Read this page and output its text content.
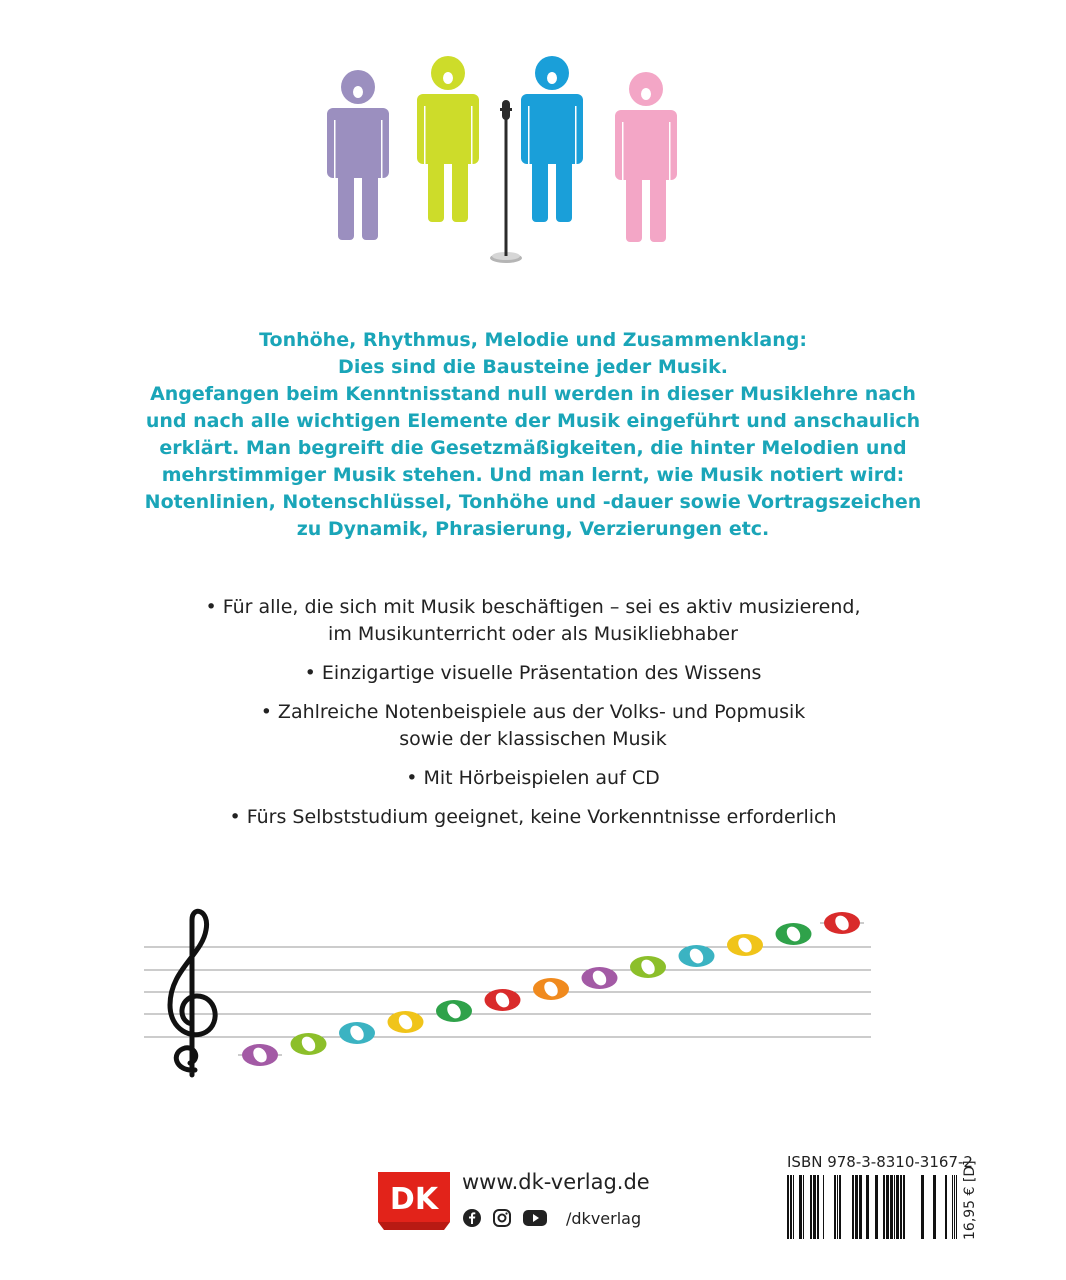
Tonhöhe, Rhythmus, Melodie und Zusammenklang:
Dies sind die Bausteine jeder Musik.
Angefangen beim Kenntnisstand null werden in dieser Musiklehre nach
und nach alle wichtigen Elemente der Musik eingeführt und anschaulich
erklärt. Man begreift die Gesetzmäßigkeiten, die hinter Melodien und
mehrstimmiger Musik stehen. Und man lernt, wie Musik notiert wird:
Notenlinien, Notenschlüssel, Tonhöhe und -dauer sowie Vortragszeichen
zu Dynamik, Phrasierung, Verzierungen etc.
• Für alle, die sich mit Musik beschäftigen – sei es aktiv musizierend,
im Musikunterricht oder als Musikliebhaber
• Einzigartige visuelle Präsentation des Wissens
• Zahlreiche Notenbeispiele aus der Volks- und Popmusik
sowie der klassischen Musik
• Mit Hörbeispielen auf CD
• Fürs Selbststudium geeignet, keine Vorkenntnisse erforderlich
DK www.dk-verlag.de
/dkverlag
ISBN 978-3-8310-3167-2
16,95 € [D]
